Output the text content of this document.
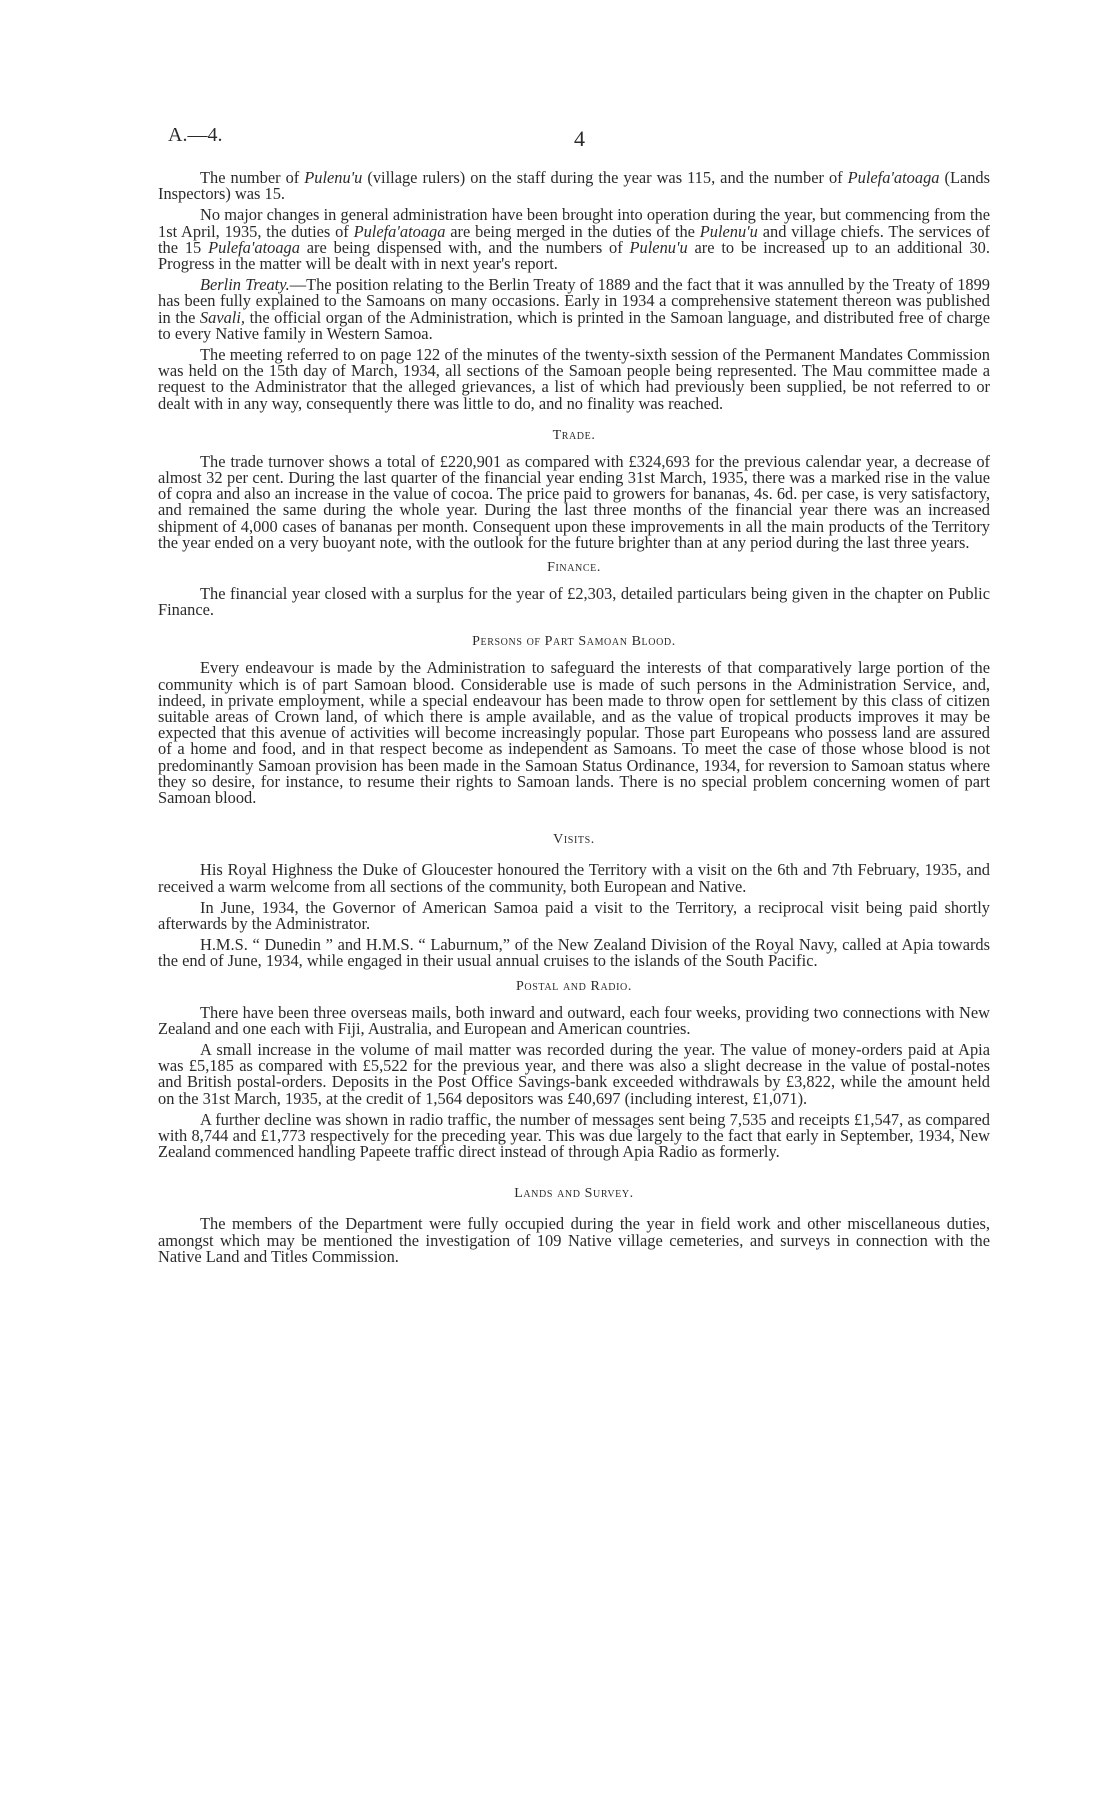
A.—4.	4

The number of Pulenu'u (village rulers) on the staff during the year was 115, and the number of Pulefa'atoaga (Lands Inspectors) was 15.

No major changes in general administration have been brought into operation during the year, but commencing from the 1st April, 1935, the duties of Pulefa'atoaga are being merged in the duties of the Pulenu'u and village chiefs. The services of the 15 Pulefa'atoaga are being dispensed with, and the numbers of Pulenu'u are to be increased up to an additional 30. Progress in the matter will be dealt with in next year's report.

Berlin Treaty.—The position relating to the Berlin Treaty of 1889 and the fact that it was annulled by the Treaty of 1899 has been fully explained to the Samoans on many occasions. Early in 1934 a comprehensive statement thereon was published in the Savali, the official organ of the Administration, which is printed in the Samoan language, and distributed free of charge to every Native family in Western Samoa.

The meeting referred to on page 122 of the minutes of the twenty-sixth session of the Permanent Mandates Commission was held on the 15th day of March, 1934, all sections of the Samoan people being represented. The Mau committee made a request to the Administrator that the alleged grievances, a list of which had previously been supplied, be not referred to or dealt with in any way, consequently there was little to do, and no finality was reached.

Trade.

The trade turnover shows a total of £220,901 as compared with £324,693 for the previous calendar year, a decrease of almost 32 per cent. During the last quarter of the financial year ending 31st March, 1935, there was a marked rise in the value of copra and also an increase in the value of cocoa. The price paid to growers for bananas, 4s. 6d. per case, is very satisfactory, and remained the same during the whole year. During the last three months of the financial year there was an increased shipment of 4,000 cases of bananas per month. Consequent upon these improvements in all the main products of the Territory the year ended on a very buoyant note, with the outlook for the future brighter than at any period during the last three years.

Finance.

The financial year closed with a surplus for the year of £2,303, detailed particulars being given in the chapter on Public Finance.

Persons of Part Samoan Blood.

Every endeavour is made by the Administration to safeguard the interests of that comparatively large portion of the community which is of part Samoan blood. Considerable use is made of such persons in the Administration Service, and, indeed, in private employment, while a special endeavour has been made to throw open for settlement by this class of citizen suitable areas of Crown land, of which there is ample available, and as the value of tropical products improves it may be expected that this avenue of activities will become increasingly popular. Those part Europeans who possess land are assured of a home and food, and in that respect become as independent as Samoans. To meet the case of those whose blood is not predominantly Samoan provision has been made in the Samoan Status Ordinance, 1934, for reversion to Samoan status where they so desire, for instance, to resume their rights to Samoan lands. There is no special problem concerning women of part Samoan blood.

Visits.

His Royal Highness the Duke of Gloucester honoured the Territory with a visit on the 6th and 7th February, 1935, and received a warm welcome from all sections of the community, both European and Native.

In June, 1934, the Governor of American Samoa paid a visit to the Territory, a reciprocal visit being paid shortly afterwards by the Administrator.

H.M.S. “ Dunedin ” and H.M.S. “ Laburnum,” of the New Zealand Division of the Royal Navy, called at Apia towards the end of June, 1934, while engaged in their usual annual cruises to the islands of the South Pacific.

Postal and Radio.

There have been three overseas mails, both inward and outward, each four weeks, providing two connections with New Zealand and one each with Fiji, Australia, and European and American countries.

A small increase in the volume of mail matter was recorded during the year. The value of money-orders paid at Apia was £5,185 as compared with £5,522 for the previous year, and there was also a slight decrease in the value of postal-notes and British postal-orders. Deposits in the Post Office Savings-bank exceeded withdrawals by £3,822, while the amount held on the 31st March, 1935, at the credit of 1,564 depositors was £40,697 (including interest, £1,071).

A further decline was shown in radio traffic, the number of messages sent being 7,535 and receipts £1,547, as compared with 8,744 and £1,773 respectively for the preceding year. This was due largely to the fact that early in September, 1934, New Zealand commenced handling Papeete traffic direct instead of through Apia Radio as formerly.

Lands and Survey.

The members of the Department were fully occupied during the year in field work and other miscellaneous duties, amongst which may be mentioned the investigation of 109 Native village cemeteries, and surveys in connection with the Native Land and Titles Commission.
